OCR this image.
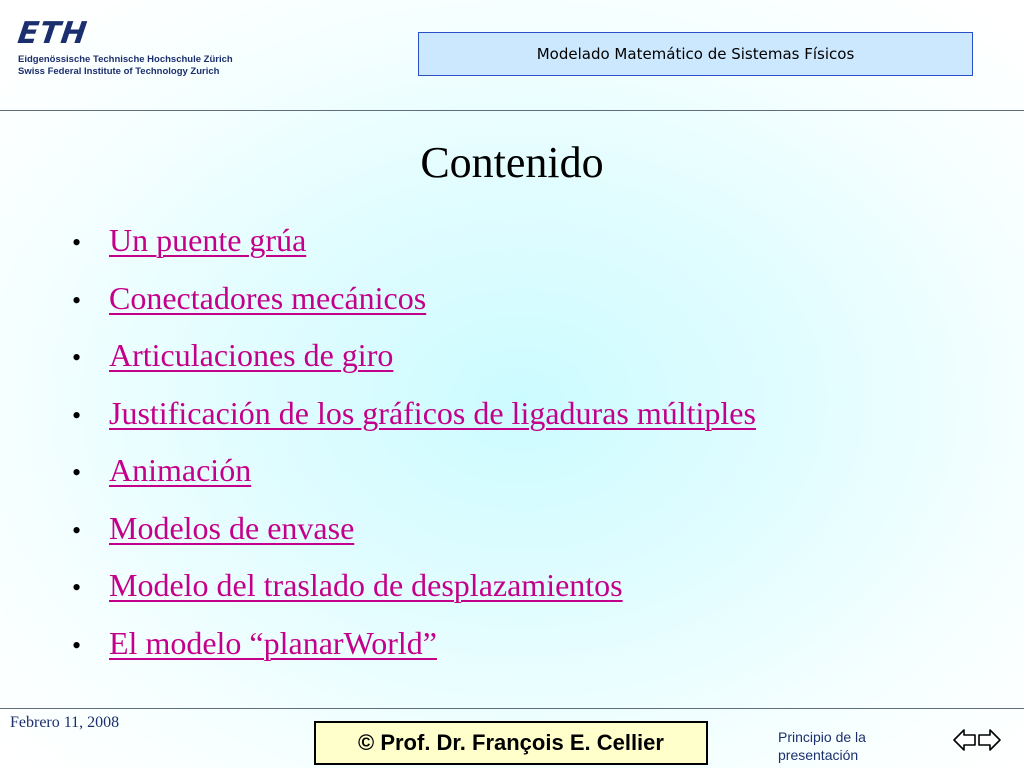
ETH
Eidgenössische Technische Hochschule Zürich
Swiss Federal Institute of Technology Zurich
Modelado Matemático de Sistemas Físicos
Contenido
• Un puente grúa
• Conectadores mecánicos
• Articulaciones de giro
• Justificación de los gráficos de ligaduras múltiples
• Animación
• Modelos de envase
• Modelo del traslado de desplazamientos
• El modelo “planarWorld”
Febrero 11, 2008
© Prof. Dr. François E. Cellier	Principio de la
presentación
